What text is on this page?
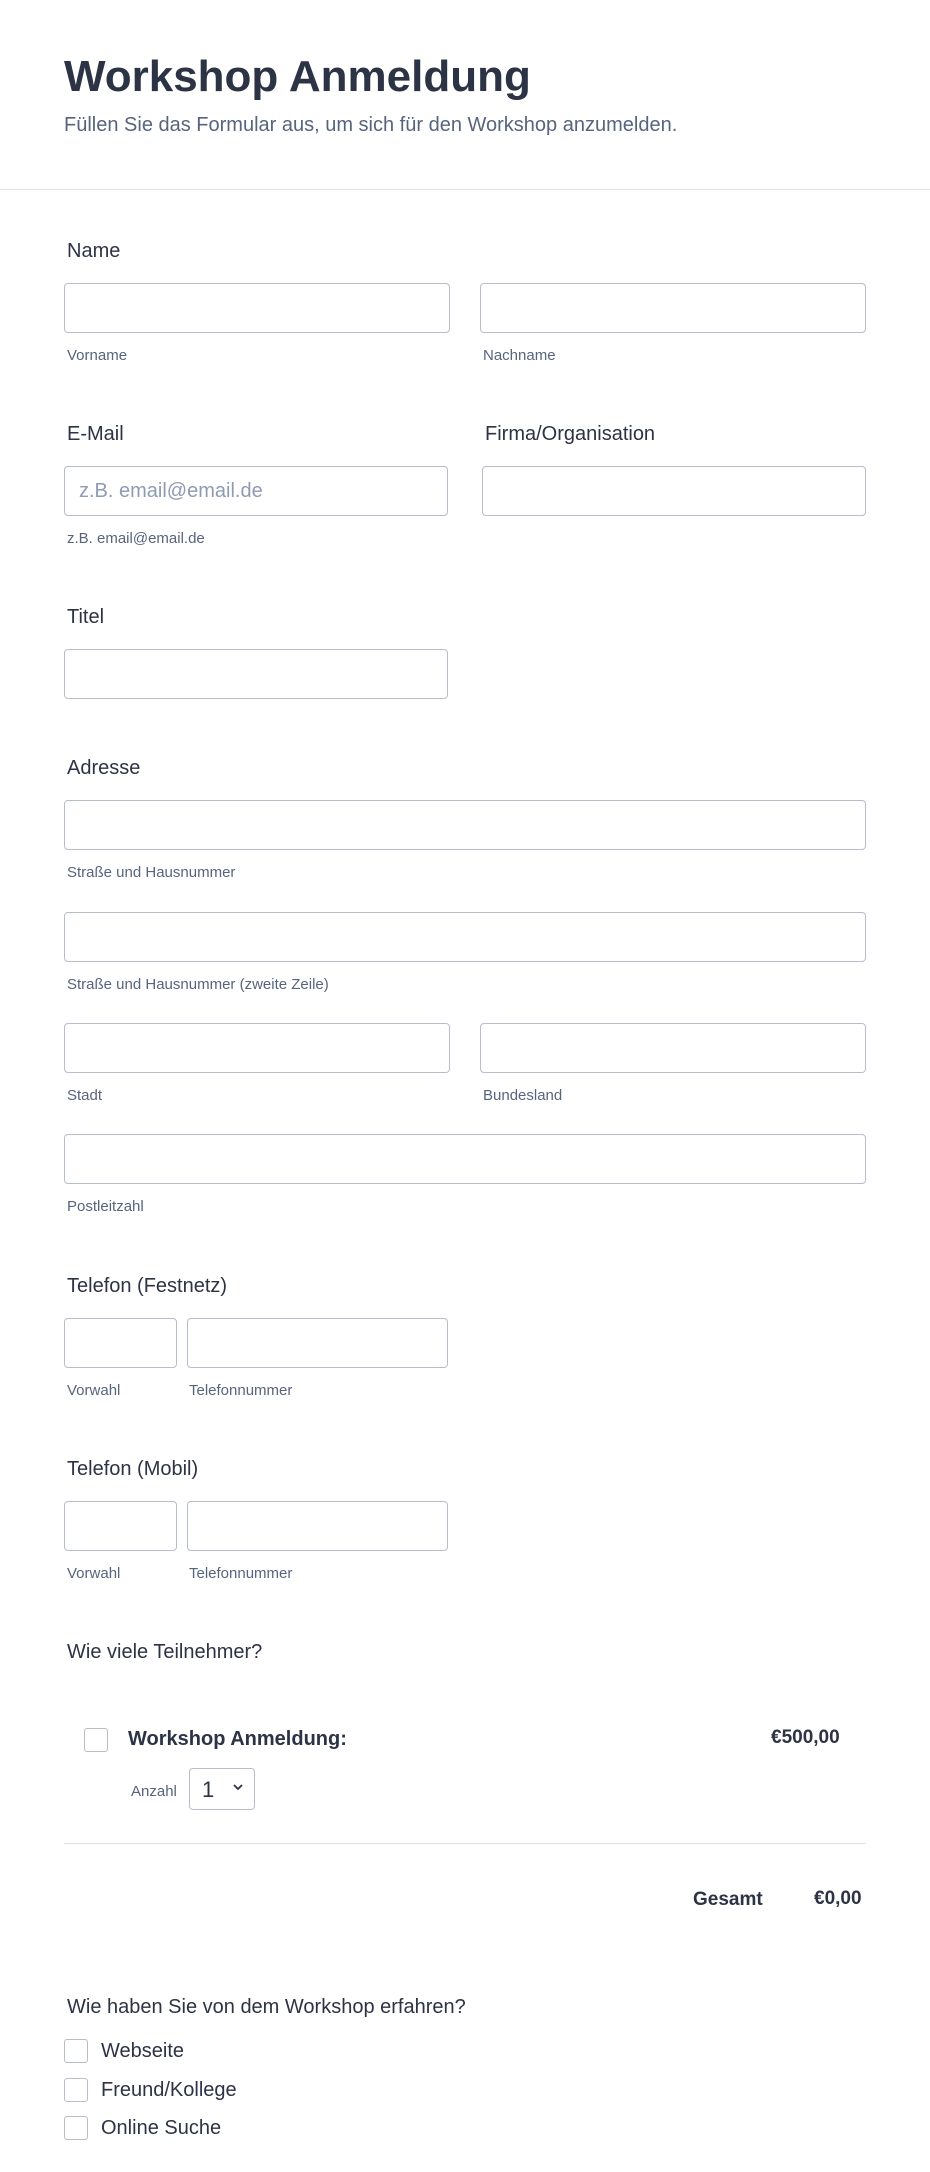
Workshop Anmeldung
Füllen Sie das Formular aus, um sich für den Workshop anzumelden.
Name
Vorname	Nachname
E-Mail
z.B. email@email.de
z.B. email@email.de
Firma/Organisation
Titel
Adresse
Straße und Hausnummer
Straße und Hausnummer (zweite Zeile)
Stadt	Bundesland
Postleitzahl
Telefon (Festnetz)
Vorwahl	Telefonnummer
Telefon (Mobil)
Vorwahl	Telefonnummer
Wie viele Teilnehmer?
Workshop Anmeldung:	€500,00
Anzahl 1
Gesamt	€0,00
Wie haben Sie von dem Workshop erfahren?
Webseite
Freund/Kollege
Online Suche
